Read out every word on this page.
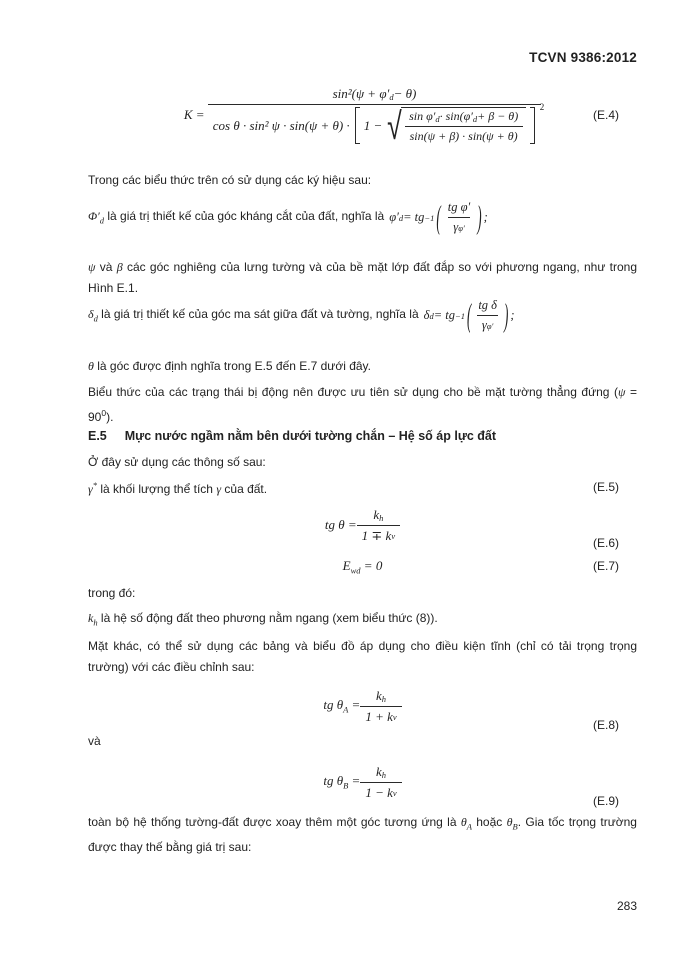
TCVN 9386:2012
K =

$\sin^2(\psi + \varphi'_d - \theta)$
cos θ · sin² ψ · sin(ψ + θ) · 1 − √ $\frac{\sin \varphi'_d \cdot \sin(\varphi'_d + \beta - \theta)}{\sin(\psi + \beta) \cdot \sin(\psi + \theta)}$
2
(E.4)
Trong các biểu thức trên có sử dụng các ký hiệu sau:
$\Phi'_d$ là giá trị thiết kế của góc kháng cắt của đất, nghĩa là φ′ d = tg −1 ( $\frac{\text{tg φ′}}{\text{γ φ′}}$ ) ;
ψ và β các góc nghiêng của lưng tường và của bề mặt lớp đất đắp so với phương ngang, như trong Hình E.1.
$\delta_d$ là giá trị thiết kế của góc ma sát giữa đất và tường, nghĩa là δ d = tg −1 ( $\frac{\text{tg δ}}{\text{γ φ′}}$ ) ;
θ là góc được định nghĩa trong E.5 đến E.7 dưới đây.
Biểu thức của các trạng thái bị động nên được ưu tiên sử dụng cho bề mặt tường thẳng đứng $(\psi = 90^0)$.
E.5 Mực nước ngầm nằm bên dưới tường chắn – Hệ số áp lực đất
Ở đây sử dụng các thông số sau:
γ* là khối lượng thể tích γ của đất.	(E.5)
tg $\theta = \frac{k_h}{\text{1 ∓ k v}}$	(E.6)
$E_{wd} = 0$	(E.7)
trong đó:
$k_h$ là hệ số động đất theo phương nằm ngang (xem biểu thức (8)).
Mặt khác, có thể sử dụng các bảng và biểu đồ áp dụng cho điều kiện tĩnh (chỉ có tải trọng trọng trường) với các điều chỉnh sau:
tg $\theta_A = \frac{k_h}{\text{1 + k v}}$
(E.8)
và
tg $\theta_B = \frac{k_h}{\text{1 − k v}}$
(E.9)
toàn bộ hệ thống tường-đất được xoay thêm một góc tương ứng là $\theta_A$ hoặc $\theta_B$. Gia tốc trọng trường được thay thế bằng giá trị sau:
283
